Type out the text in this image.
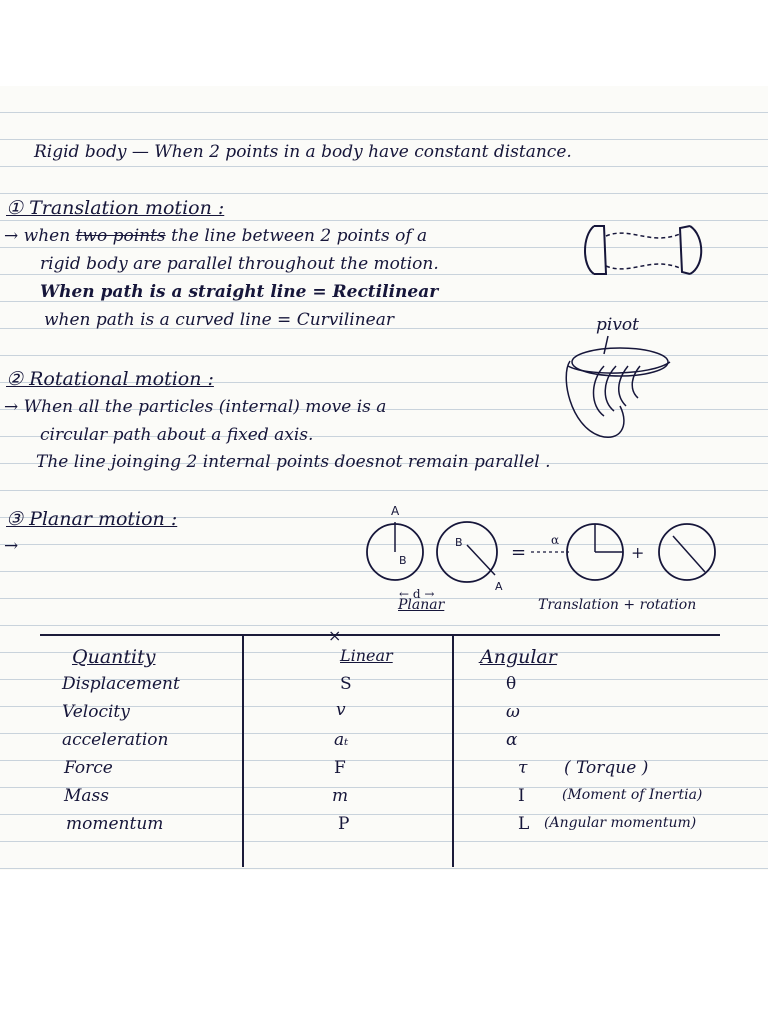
Rigid body — When 2 points in a body have constant distance.
① Translation motion :
→ when two points the line between 2 points of a
rigid body are parallel throughout the motion.
When path is a straight line = Rectilinear
when path is a curved line = Curvilinear
② Rotational motion :
pivot
→ When all the particles (internal) move is a
circular path about a fixed axis.
The line joinging 2 internal points doesnot remain parallel .
③ Planar motion :
→
A
B
B
A
=
α
+
← d →
Planar	Translation + rotation
Quantity	Linear	Angular
Displacement	S	θ
Velocity	v	ω
acceleration	aₜ	α
Force	F	τ ( Torque )
Mass	m	I	(Moment of Inertia)
momentum	P	L (Angular momentum)
